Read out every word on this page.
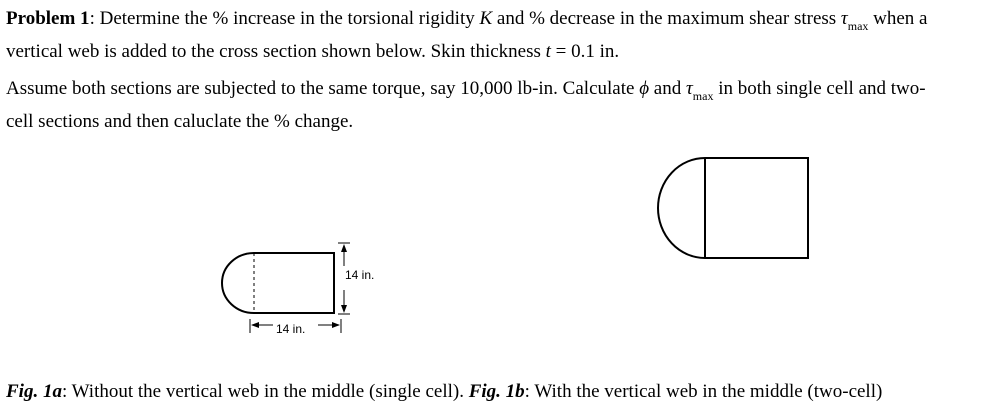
Problem 1: Determine the % increase in the torsional rigidity K and % decrease in the maximum shear stress $\tau_{max}$ when a
vertical web is added to the cross section shown below. Skin thickness t = 0.1 in.
Assume both sections are subjected to the same torque, say 10,000 lb-in. Calculate ϕ and $\tau_{max}$ in both single cell and two-
cell sections and then caluclate the % change.
14 in.
14 in.
Fig. 1a: Without the vertical web in the middle (single cell). Fig. 1b: With the vertical web in the middle (two-cell)
